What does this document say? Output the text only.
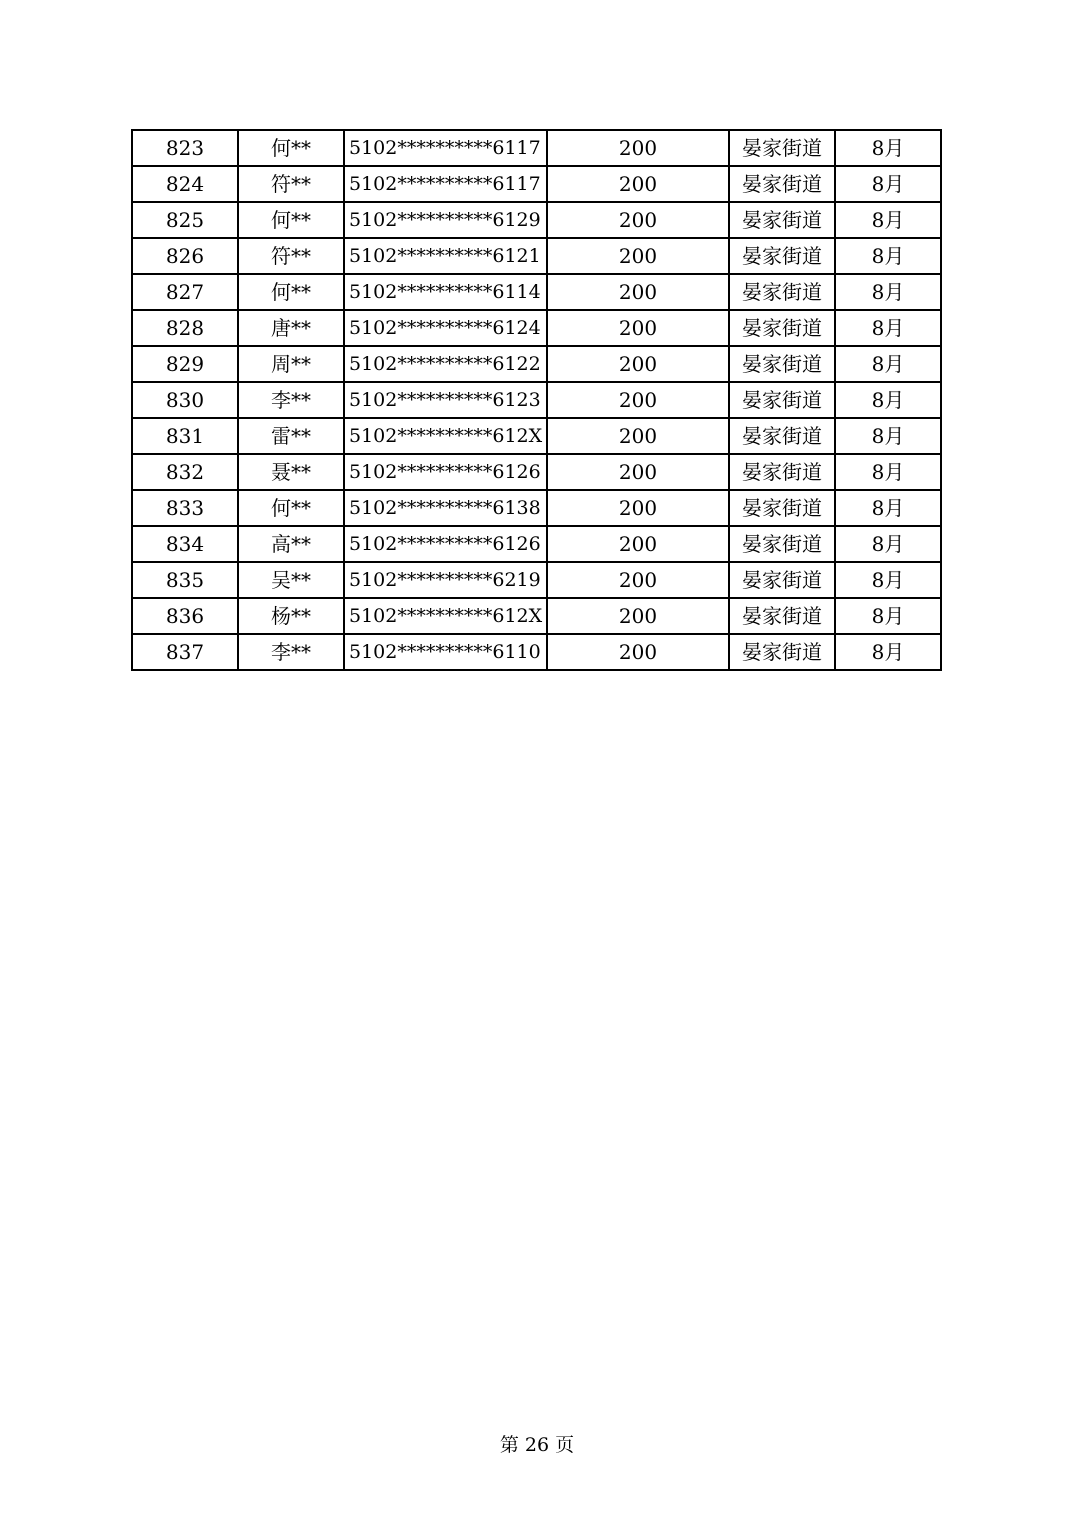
823	何**	5102**********6117	200	晏家街道	8月
824	符**	5102**********6117	200	晏家街道	8月
825	何**	5102**********6129	200	晏家街道	8月
826	符**	5102**********6121	200	晏家街道	8月
827	何**	5102**********6114	200	晏家街道	8月
828	唐**	5102**********6124	200	晏家街道	8月
829	周**	5102**********6122	200	晏家街道	8月
830	李**	5102**********6123	200	晏家街道	8月
831	雷**	5102**********612X	200	晏家街道	8月
832	聂**	5102**********6126	200	晏家街道	8月
833	何**	5102**********6138	200	晏家街道	8月
834	高**	5102**********6126	200	晏家街道	8月
835	吴**	5102**********6219	200	晏家街道	8月
836	杨**	5102**********612X	200	晏家街道	8月
837	李**	5102**********6110	200	晏家街道	8月
第 26 页
